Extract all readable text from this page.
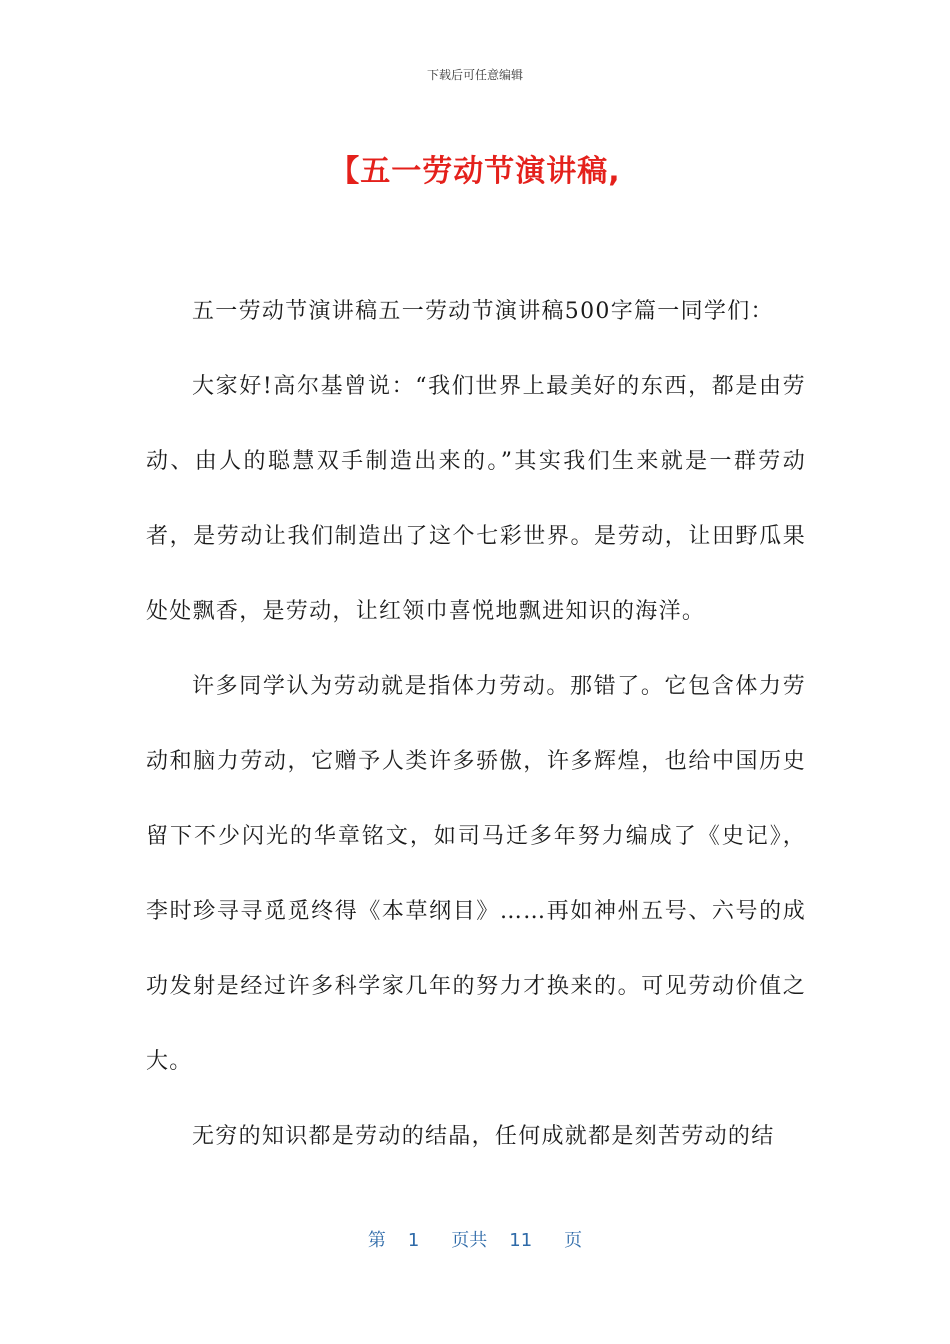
下载后可任意编辑
【五一劳动节演讲稿,

五一劳动节演讲稿五一劳动节演讲稿500字篇一同学们：

大家好!高尔基曾说：“我们世界上最美好的东西，都是由劳动、由人的聪慧双手制造出来的。”其实我们生来就是一群劳动者，是劳动让我们制造出了这个七彩世界。是劳动，让田野瓜果处处飘香，是劳动，让红领巾喜悦地飘进知识的海洋。

许多同学认为劳动就是指体力劳动。那错了。它包含体力劳动和脑力劳动，它赠予人类许多骄傲，许多辉煌，也给中国历史留下不少闪光的华章铭文，如司马迁多年努力编成了《史记》，李时珍寻寻觅觅终得《本草纲目》……再如神州五号、六号的成功发射是经过许多科学家几年的努力才换来的。可见劳动价值之大。

无穷的知识都是劳动的结晶，任何成就都是刻苦劳动的结

第 1 页共 11 页
